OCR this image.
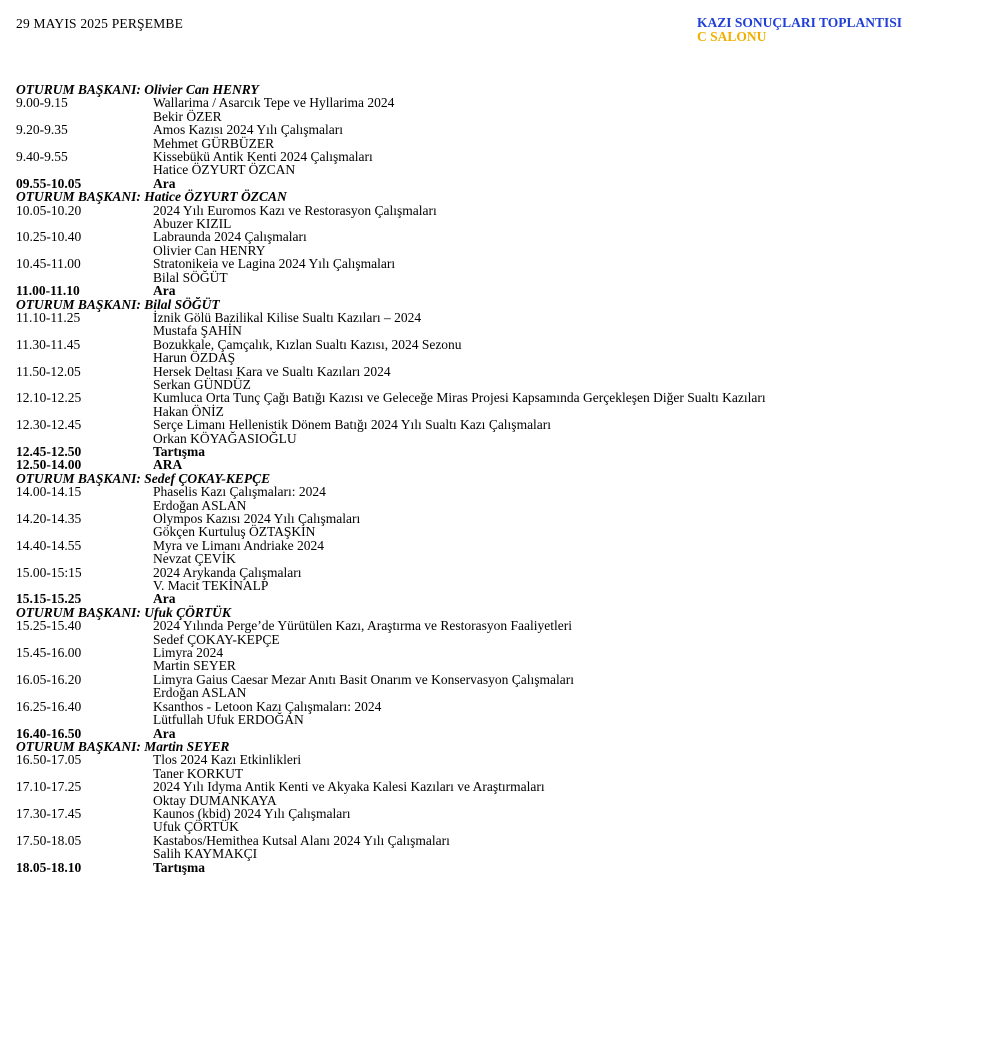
29 MAYIS 2025 PERŞEMBE	KAZI SONUÇLARI TOPLANTISI
C SALONU
OTURUM BAŞKANI: Olivier Can HENRY
9.00-9.15	Wallarima / Asarcık Tepe ve Hyllarima 2024
Bekir ÖZER
9.20-9.35	Amos Kazısı 2024 Yılı Çalışmaları
Mehmet GÜRBÜZER
9.40-9.55	Kissebükü Antik Kenti 2024 Çalışmaları
Hatice ÖZYURT ÖZCAN
09.55-10.05	Ara
OTURUM BAŞKANI: Hatice ÖZYURT ÖZCAN
10.05-10.20	2024 Yılı Euromos Kazı ve Restorasyon Çalışmaları
Abuzer KIZIL
10.25-10.40	Labraunda 2024 Çalışmaları
Olivier Can HENRY
10.45-11.00	Stratonikeia ve Lagina 2024 Yılı Çalışmaları
Bilal SÖĞÜT
11.00-11.10	Ara
OTURUM BAŞKANI: Bilal SÖĞÜT
11.10-11.25	İznik Gölü Bazilikal Kilise Sualtı Kazıları – 2024
Mustafa ŞAHİN
11.30-11.45	Bozukkale, Çamçalık, Kızlan Sualtı Kazısı, 2024 Sezonu
Harun ÖZDAŞ
11.50-12.05	Hersek Deltası Kara ve Sualtı Kazıları 2024
Serkan GÜNDÜZ
12.10-12.25	Kumluca Orta Tunç Çağı Batığı Kazısı ve Geleceğe Miras Projesi Kapsamında Gerçekleşen Diğer Sualtı Kazıları
Hakan ÖNİZ
12.30-12.45	Serçe Limanı Hellenistik Dönem Batığı 2024 Yılı Sualtı Kazı Çalışmaları
Orkan KÖYAĞASIOĞLU
12.45-12.50	Tartışma
12.50-14.00	ARA
OTURUM BAŞKANI: Sedef ÇOKAY-KEPÇE
14.00-14.15	Phaselis Kazı Çalışmaları: 2024
Erdoğan ASLAN
14.20-14.35	Olympos Kazısı 2024 Yılı Çalışmaları
Gökçen Kurtuluş ÖZTAŞKIN
14.40-14.55	Myra ve Limanı Andriake 2024
Nevzat ÇEVİK
15.00-15:15	2024 Arykanda Çalışmaları
V. Macit TEKİNALP
15.15-15.25	Ara
OTURUM BAŞKANI: Ufuk ÇÖRTÜK
15.25-15.40	2024 Yılında Perge’de Yürütülen Kazı, Araştırma ve Restorasyon Faaliyetleri
Sedef ÇOKAY-KEPÇE
15.45-16.00	Limyra 2024
Martin SEYER
16.05-16.20	Limyra Gaius Caesar Mezar Anıtı Basit Onarım ve Konservasyon Çalışmaları
Erdoğan ASLAN
16.25-16.40	Ksanthos - Letoon Kazı Çalışmaları: 2024
Lütfullah Ufuk ERDOĞAN
16.40-16.50	Ara
OTURUM BAŞKANI: Martin SEYER
16.50-17.05	Tlos 2024 Kazı Etkinlikleri
Taner KORKUT
17.10-17.25	2024 Yılı Idyma Antik Kenti ve Akyaka Kalesi Kazıları ve Araştırmaları
Oktay DUMANKAYA
17.30-17.45	Kaunos (kbid) 2024 Yılı Çalışmaları
Ufuk ÇÖRTÜK
17.50-18.05	Kastabos/Hemithea Kutsal Alanı 2024 Yılı Çalışmaları
Salih KAYMAKÇI
18.05-18.10	Tartışma
